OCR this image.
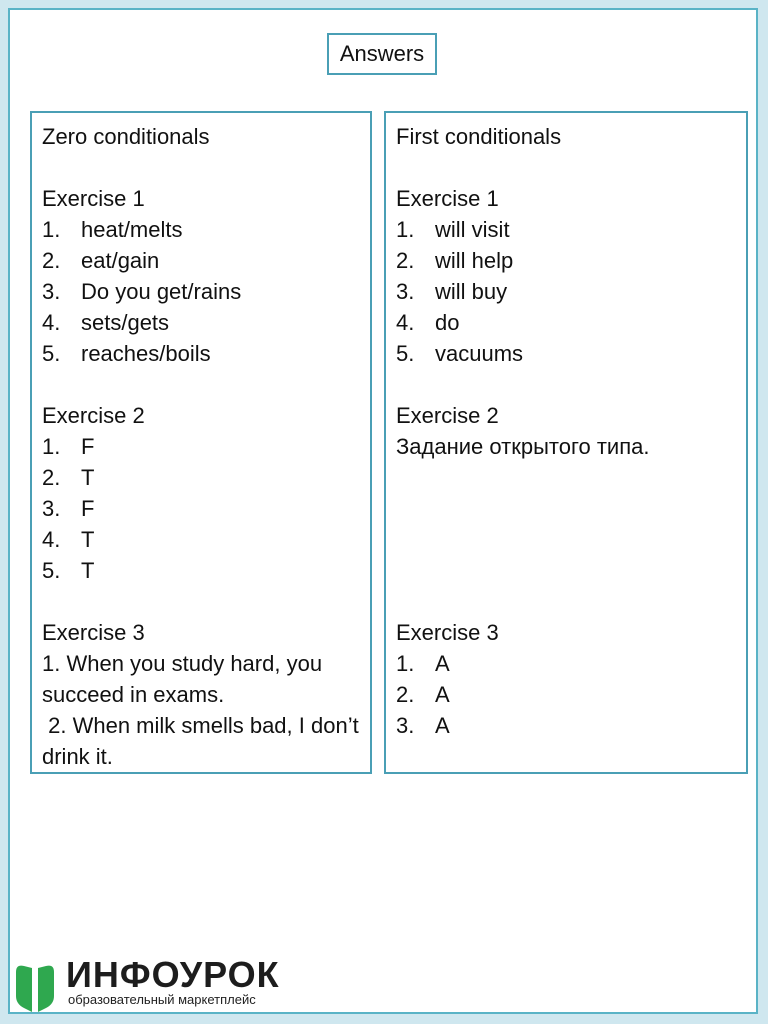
Answers
Zero conditionals
Exercise 1
1. heat/melts
2. eat/gain
3. Do you get/rains
4. sets/gets
5. reaches/boils
Exercise 2
1. F
2. T
3. F
4. T
5. T
Exercise 3
1. When you study hard, you succeed in exams.
2. When milk smells bad, I don’t drink it.
First conditionals
Exercise 1
1. will visit
2. will help
3. will buy
4. do
5. vacuums
Exercise 2
Задание открытого типа.
Exercise 3
1. A
2. A
3. A
ИНФОУРОК
образовательный маркетплейс
